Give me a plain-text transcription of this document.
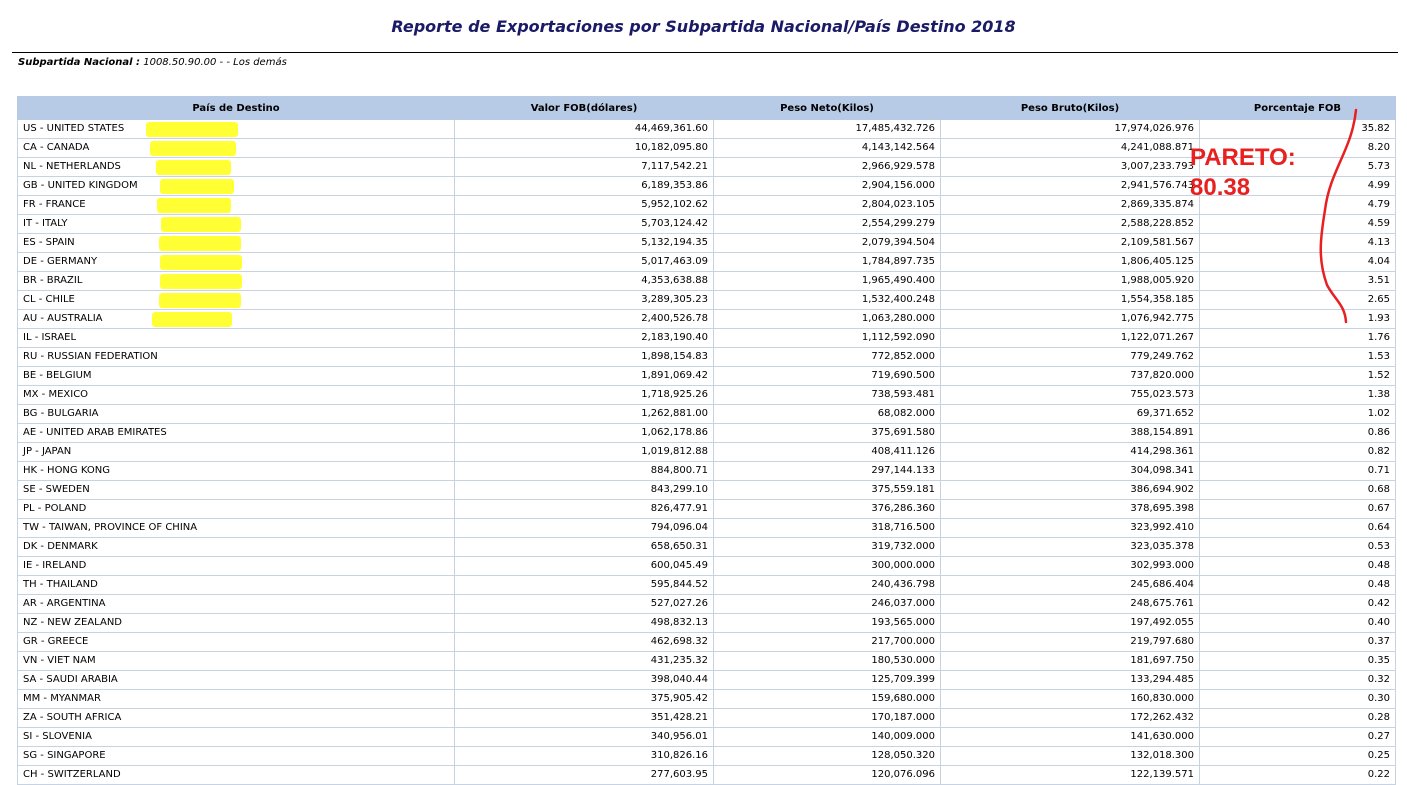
Reporte de Exportaciones por Subpartida Nacional/País Destino 2018
Subpartida Nacional : 1008.50.90.00 - - Los demás
País de Destino	Valor FOB(dólares)	Peso Neto(Kilos)	Peso Bruto(Kilos)	Porcentaje FOB

US - UNITED STATES	44,469,361.60	17,485,432.726	17,974,026.976	35.82

CA - CANADA	10,182,095.80	4,143,142.564	4,241,088.871	8.20

NL - NETHERLANDS	7,117,542.21	2,966,929.578	3,007,233.793	5.73

GB - UNITED KINGDOM	6,189,353.86	2,904,156.000	2,941,576.743	4.99

FR - FRANCE	5,952,102.62	2,804,023.105	2,869,335.874	4.79

IT - ITALY	5,703,124.42	2,554,299.279	2,588,228.852	4.59

ES - SPAIN	5,132,194.35	2,079,394.504	2,109,581.567	4.13

DE - GERMANY	5,017,463.09	1,784,897.735	1,806,405.125	4.04

BR - BRAZIL	4,353,638.88	1,965,490.400	1,988,005.920	3.51

CL - CHILE	3,289,305.23	1,532,400.248	1,554,358.185	2.65

AU - AUSTRALIA	2,400,526.78	1,063,280.000	1,076,942.775	1.93
IL - ISRAEL	2,183,190.40	1,112,592.090	1,122,071.267	1.76
RU - RUSSIAN FEDERATION	1,898,154.83	772,852.000	779,249.762	1.53
BE - BELGIUM	1,891,069.42	719,690.500	737,820.000	1.52
MX - MEXICO	1,718,925.26	738,593.481	755,023.573	1.38
BG - BULGARIA	1,262,881.00	68,082.000	69,371.652	1.02
AE - UNITED ARAB EMIRATES	1,062,178.86	375,691.580	388,154.891	0.86
JP - JAPAN	1,019,812.88	408,411.126	414,298.361	0.82
HK - HONG KONG	884,800.71	297,144.133	304,098.341	0.71
SE - SWEDEN	843,299.10	375,559.181	386,694.902	0.68
PL - POLAND	826,477.91	376,286.360	378,695.398	0.67
TW - TAIWAN, PROVINCE OF CHINA	794,096.04	318,716.500	323,992.410	0.64
DK - DENMARK	658,650.31	319,732.000	323,035.378	0.53
IE - IRELAND	600,045.49	300,000.000	302,993.000	0.48
TH - THAILAND	595,844.52	240,436.798	245,686.404	0.48
AR - ARGENTINA	527,027.26	246,037.000	248,675.761	0.42
NZ - NEW ZEALAND	498,832.13	193,565.000	197,492.055	0.40
GR - GREECE	462,698.32	217,700.000	219,797.680	0.37
VN - VIET NAM	431,235.32	180,530.000	181,697.750	0.35
SA - SAUDI ARABIA	398,040.44	125,709.399	133,294.485	0.32
MM - MYANMAR	375,905.42	159,680.000	160,830.000	0.30
ZA - SOUTH AFRICA	351,428.21	170,187.000	172,262.432	0.28
SI - SLOVENIA	340,956.01	140,009.000	141,630.000	0.27
SG - SINGAPORE	310,826.16	128,050.320	132,018.300	0.25
CH - SWITZERLAND	277,603.95	120,076.096	122,139.571	0.22
PARETO:
80.38
